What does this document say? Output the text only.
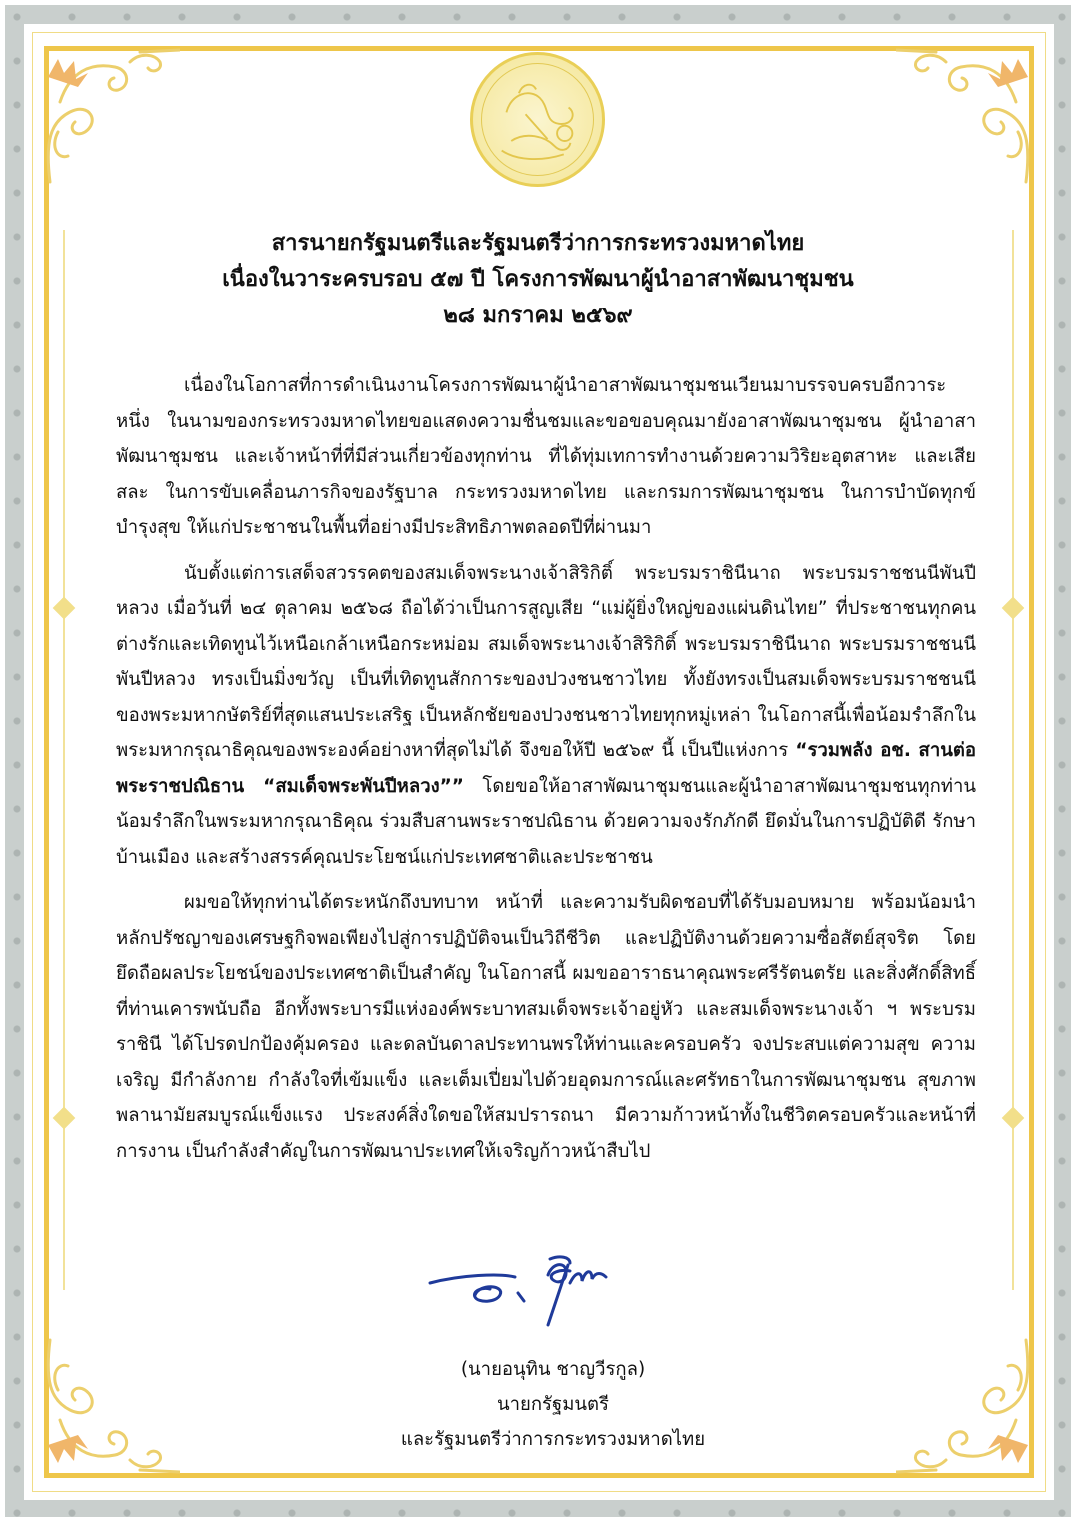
สารนายกรัฐมนตรีและรัฐมนตรีว่าการกระทรวงมหาดไทย
เนื่องในวาระครบรอบ ๕๗ ปี โครงการพัฒนาผู้นำอาสาพัฒนาชุมชน
๒๘ มกราคม ๒๕๖๙

เนื่องในโอกาสที่การดำเนินงานโครงการพัฒนาผู้นำอาสาพัฒนาชุมชนเวียนมาบรรจบครบอีกวาระหนึ่ง ในนามของกระทรวงมหาดไทยขอแสดงความชื่นชมและขอขอบคุณมายังอาสาพัฒนาชุมชน ผู้นำอาสาพัฒนาชุมชน และเจ้าหน้าที่ที่มีส่วนเกี่ยวข้องทุกท่าน ที่ได้ทุ่มเทการทำงานด้วยความวิริยะอุตสาหะ และเสียสละ ในการขับเคลื่อนภารกิจของรัฐบาล กระทรวงมหาดไทย และกรมการพัฒนาชุมชน ในการบำบัดทุกข์ บำรุงสุข ให้แก่ประชาชนในพื้นที่อย่างมีประสิทธิภาพตลอดปีที่ผ่านมา

นับตั้งแต่การเสด็จสวรรคตของสมเด็จพระนางเจ้าสิริกิติ์ พระบรมราชินีนาถ พระบรมราชชนนีพันปีหลวง เมื่อวันที่ ๒๔ ตุลาคม ๒๕๖๘ ถือได้ว่าเป็นการสูญเสีย “แม่ผู้ยิ่งใหญ่ของแผ่นดินไทย” ที่ประชาชนทุกคนต่างรักและเทิดทูนไว้เหนือเกล้าเหนือกระหม่อม สมเด็จพระนางเจ้าสิริกิติ์ พระบรมราชินีนาถ พระบรมราชชนนีพันปีหลวง ทรงเป็นมิ่งขวัญ เป็นที่เทิดทูนสักการะของปวงชนชาวไทย ทั้งยังทรงเป็นสมเด็จพระบรมราชชนนีของพระมหากษัตริย์ที่สุดแสนประเสริฐ เป็นหลักชัยของปวงชนชาวไทยทุกหมู่เหล่า ในโอกาสนี้เพื่อน้อมรำลึกในพระมหากรุณาธิคุณของพระองค์อย่างหาที่สุดไม่ได้ จึงขอให้ปี ๒๕๖๙ นี้ เป็นปีแห่งการ “รวมพลัง อช. สานต่อพระราชปณิธาน “สมเด็จพระพันปีหลวง”” โดยขอให้อาสาพัฒนาชุมชนและผู้นำอาสาพัฒนาชุมชนทุกท่าน น้อมรำลึกในพระมหากรุณาธิคุณ ร่วมสืบสานพระราชปณิธาน ด้วยความจงรักภักดี ยึดมั่นในการปฏิบัติดี รักษาบ้านเมือง และสร้างสรรค์คุณประโยชน์แก่ประเทศชาติและประชาชน

ผมขอให้ทุกท่านได้ตระหนักถึงบทบาท หน้าที่ และความรับผิดชอบที่ได้รับมอบหมาย พร้อมน้อมนำหลักปรัชญาของเศรษฐกิจพอเพียงไปสู่การปฏิบัติจนเป็นวิถีชีวิต และปฏิบัติงานด้วยความซื่อสัตย์สุจริต โดยยึดถือผลประโยชน์ของประเทศชาติเป็นสำคัญ ในโอกาสนี้ ผมขออาราธนาคุณพระศรีรัตนตรัย และสิ่งศักดิ์สิทธิ์ที่ท่านเคารพนับถือ อีกทั้งพระบารมีแห่งองค์พระบาทสมเด็จพระเจ้าอยู่หัว และสมเด็จพระนางเจ้า ฯ พระบรมราชินี ได้โปรดปกป้องคุ้มครอง และดลบันดาลประทานพรให้ท่านและครอบครัว จงประสบแต่ความสุข ความเจริญ มีกำลังกาย กำลังใจที่เข้มแข็ง และเต็มเปี่ยมไปด้วยอุดมการณ์และศรัทธาในการพัฒนาชุมชน สุขภาพพลานามัยสมบูรณ์แข็งแรง ประสงค์สิ่งใดขอให้สมปรารถนา มีความก้าวหน้าทั้งในชีวิตครอบครัวและหน้าที่การงาน เป็นกำลังสำคัญในการพัฒนาประเทศให้เจริญก้าวหน้าสืบไป

(นายอนุทิน ชาญวีรกูล)
นายกรัฐมนตรี
และรัฐมนตรีว่าการกระทรวงมหาดไทย
